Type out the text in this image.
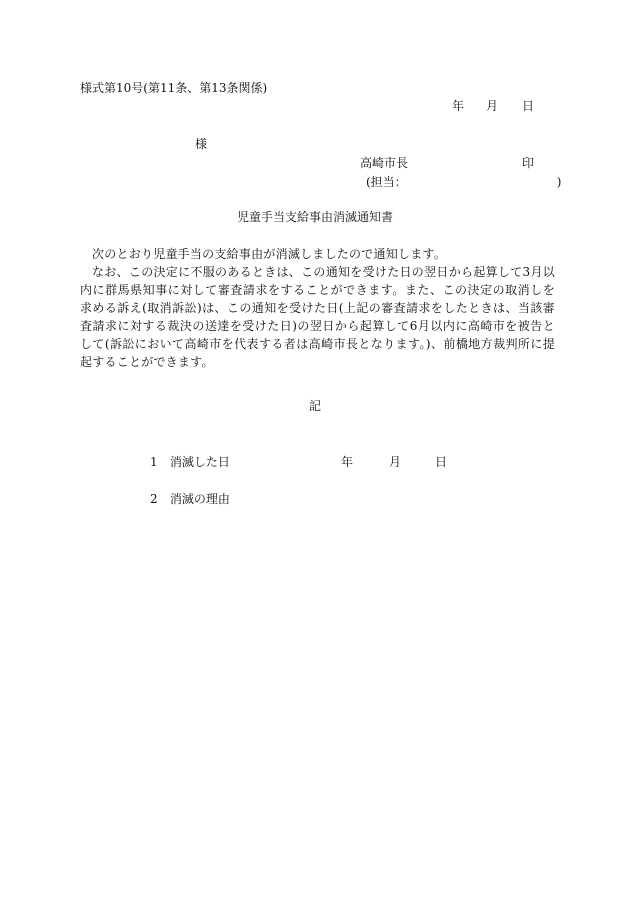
様式第10号(第11条、第13条関係)
年 月 日
様
高崎市長	印
(担当：	)
児童手当支給事由消滅通知書

次のとおり児童手当の支給事由が消滅しましたので通知します。

なお、この決定に不服のあるときは、この通知を受けた日の翌日から起算して3月以内に群馬県知事に対して審査請求をすることができます。また、この決定の取消しを求める訴え(取消訴訟)は、この通知を受けた日(上記の審査請求をしたときは、当該審査請求に対する裁決の送達を受けた日)の翌日から起算して6月以内に高崎市を被告として(訴訟において高崎市を代表する者は高崎市長となります。)、前橋地方裁判所に提起することができます。

記
1 消滅した日	年	月	日
2 消滅の理由
